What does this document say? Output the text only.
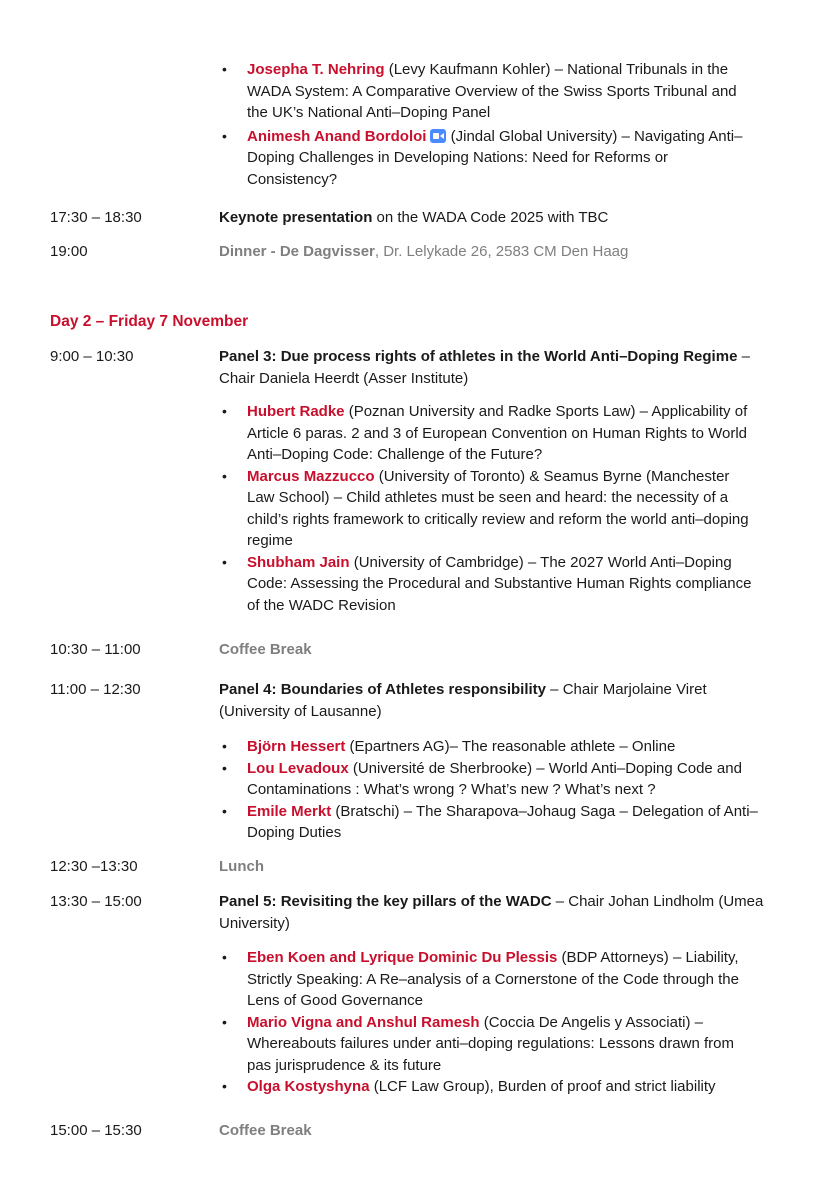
• Josepha T. Nehring (Levy Kaufmann Kohler) – National Tribunals in the WADA System: A Comparative Overview of the Swiss Sports Tribunal and the UK’s National Anti–Doping Panel
• Animesh Anand Bordoloi (Jindal Global University) – Navigating Anti–Doping Challenges in Developing Nations: Need for Reforms or Consistency?
17:30 – 18:30	Keynote presentation on the WADA Code 2025 with TBC
19:00	Dinner - De Dagvisser, Dr. Lelykade 26, 2583 CM Den Haag
Day 2 – Friday 7 November
9:00 – 10:30	Panel 3: Due process rights of athletes in the World Anti–Doping Regime – Chair Daniela Heerdt (Asser Institute)
• Hubert Radke (Poznan University and Radke Sports Law) – Applicability of Article 6 paras. 2 and 3 of European Convention on Human Rights to World Anti–Doping Code: Challenge of the Future?
• Marcus Mazzucco (University of Toronto) & Seamus Byrne (Manchester Law School) – Child athletes must be seen and heard: the necessity of a child’s rights framework to critically review and reform the world anti–doping regime
• Shubham Jain (University of Cambridge) – The 2027 World Anti–Doping Code: Assessing the Procedural and Substantive Human Rights compliance of the WADC Revision
10:30 – 11:00	Coffee Break
11:00 – 12:30	Panel 4: Boundaries of Athletes responsibility – Chair Marjolaine Viret (University of Lausanne)
• Björn Hessert (Epartners AG)– The reasonable athlete – Online
• Lou Levadoux (Université de Sherbrooke) – World Anti–Doping Code and Contaminations : What’s wrong ? What’s new ? What’s next ?
• Emile Merkt (Bratschi) – The Sharapova–Johaug Saga – Delegation of Anti–Doping Duties
12:30 –13:30	Lunch
13:30 – 15:00	Panel 5: Revisiting the key pillars of the WADC – Chair Johan Lindholm (Umea University)
• Eben Koen and Lyrique Dominic Du Plessis (BDP Attorneys) – Liability, Strictly Speaking: A Re–analysis of a Cornerstone of the Code through the Lens of Good Governance
• Mario Vigna and Anshul Ramesh (Coccia De Angelis y Associati) – Whereabouts failures under anti–doping regulations: Lessons drawn from pas jurisprudence & its future
• Olga Kostyshyna (LCF Law Group), Burden of proof and strict liability
15:00 – 15:30	Coffee Break
